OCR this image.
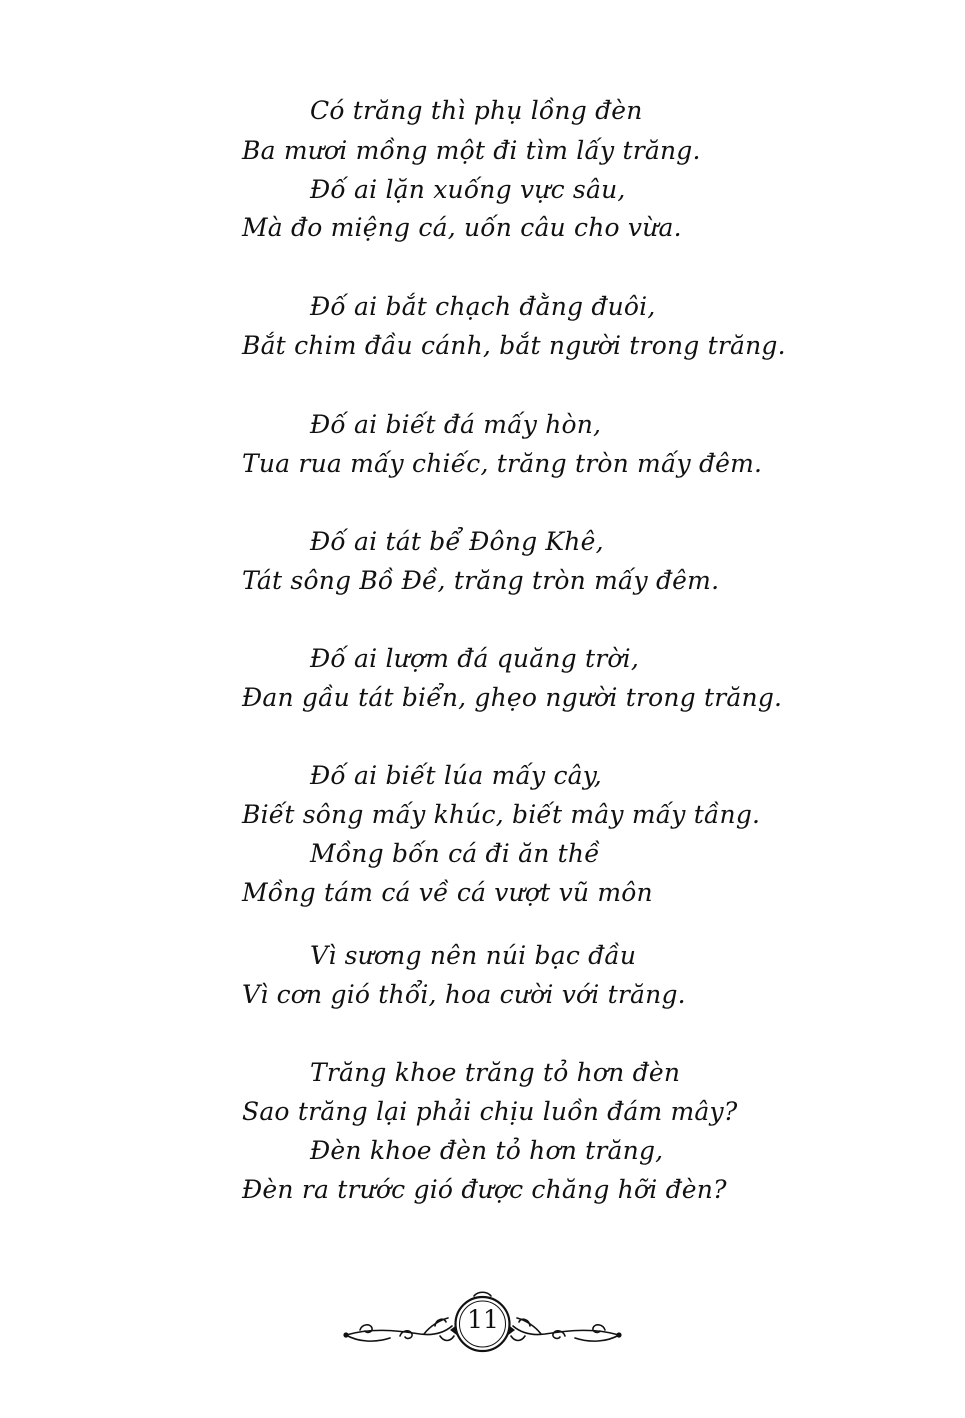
Có trăng thì phụ lồng đèn
Ba mươi mồng một đi tìm lấy trăng.
Đố ai lặn xuống vực sâu,
Mà đo miệng cá, uốn câu cho vừa.
Đố ai bắt chạch đằng đuôi,
Bắt chim đầu cánh, bắt người trong trăng.
Đố ai biết đá mấy hòn,
Tua rua mấy chiếc, trăng tròn mấy đêm.
Đố ai tát bể Đông Khê,
Tát sông Bồ Đề, trăng tròn mấy đêm.
Đố ai lượm đá quăng trời,
Đan gầu tát biển, ghẹo người trong trăng.
Đố ai biết lúa mấy cây,
Biết sông mấy khúc, biết mây mấy tầng.
Mồng bốn cá đi ăn thề
Mồng tám cá về cá vượt vũ môn
Vì sương nên núi bạc đầu
Vì cơn gió thổi, hoa cười với trăng.
Trăng khoe trăng tỏ hơn đèn
Sao trăng lại phải chịu luồn đám mây?
Đèn khoe đèn tỏ hơn trăng,
Đèn ra trước gió được chăng hỡi đèn?
11
